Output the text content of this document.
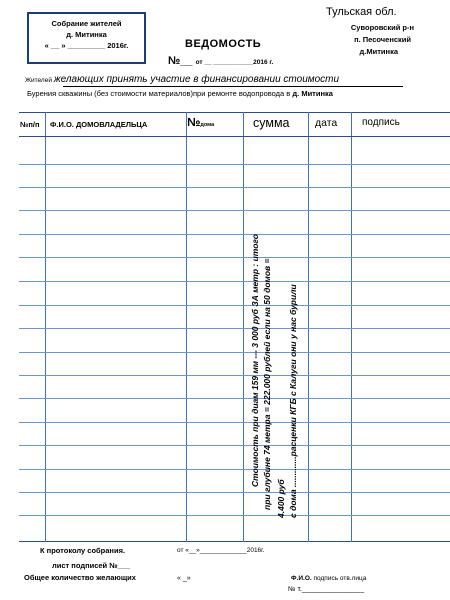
Собрание жителей
д. Митинка
« __ » _________ 2016г.
Тульская обл.
Суворовский р-н
п. Песоченский
д.Митинка
ВЕДОМОСТЬ
№__ от __ ___________2016 г.
Жителей желающих принять участие в финансировании стоимости
Бурения скважины (без стоимости материалов)при ремонте водопровода в д. Митинка
№п/п Ф.И.О. ДОМОВЛАДЕЛЬЦА	№дома	сумма дата подпись
Стоимость при диам 159 мм --- 3 000 руб ЗА метр : итого при глубине 74 метра = 222.000 рублей если на 50 домов = 4.400 руб с дома .............расценки КГБ с Калуги они у нас бурили
К протоколу собрания.	от «__»_____________2016г.
лист подписей №___
Общее количество желающих	« _»	Ф.И.О. подпись отв.лица
№ т.________________
